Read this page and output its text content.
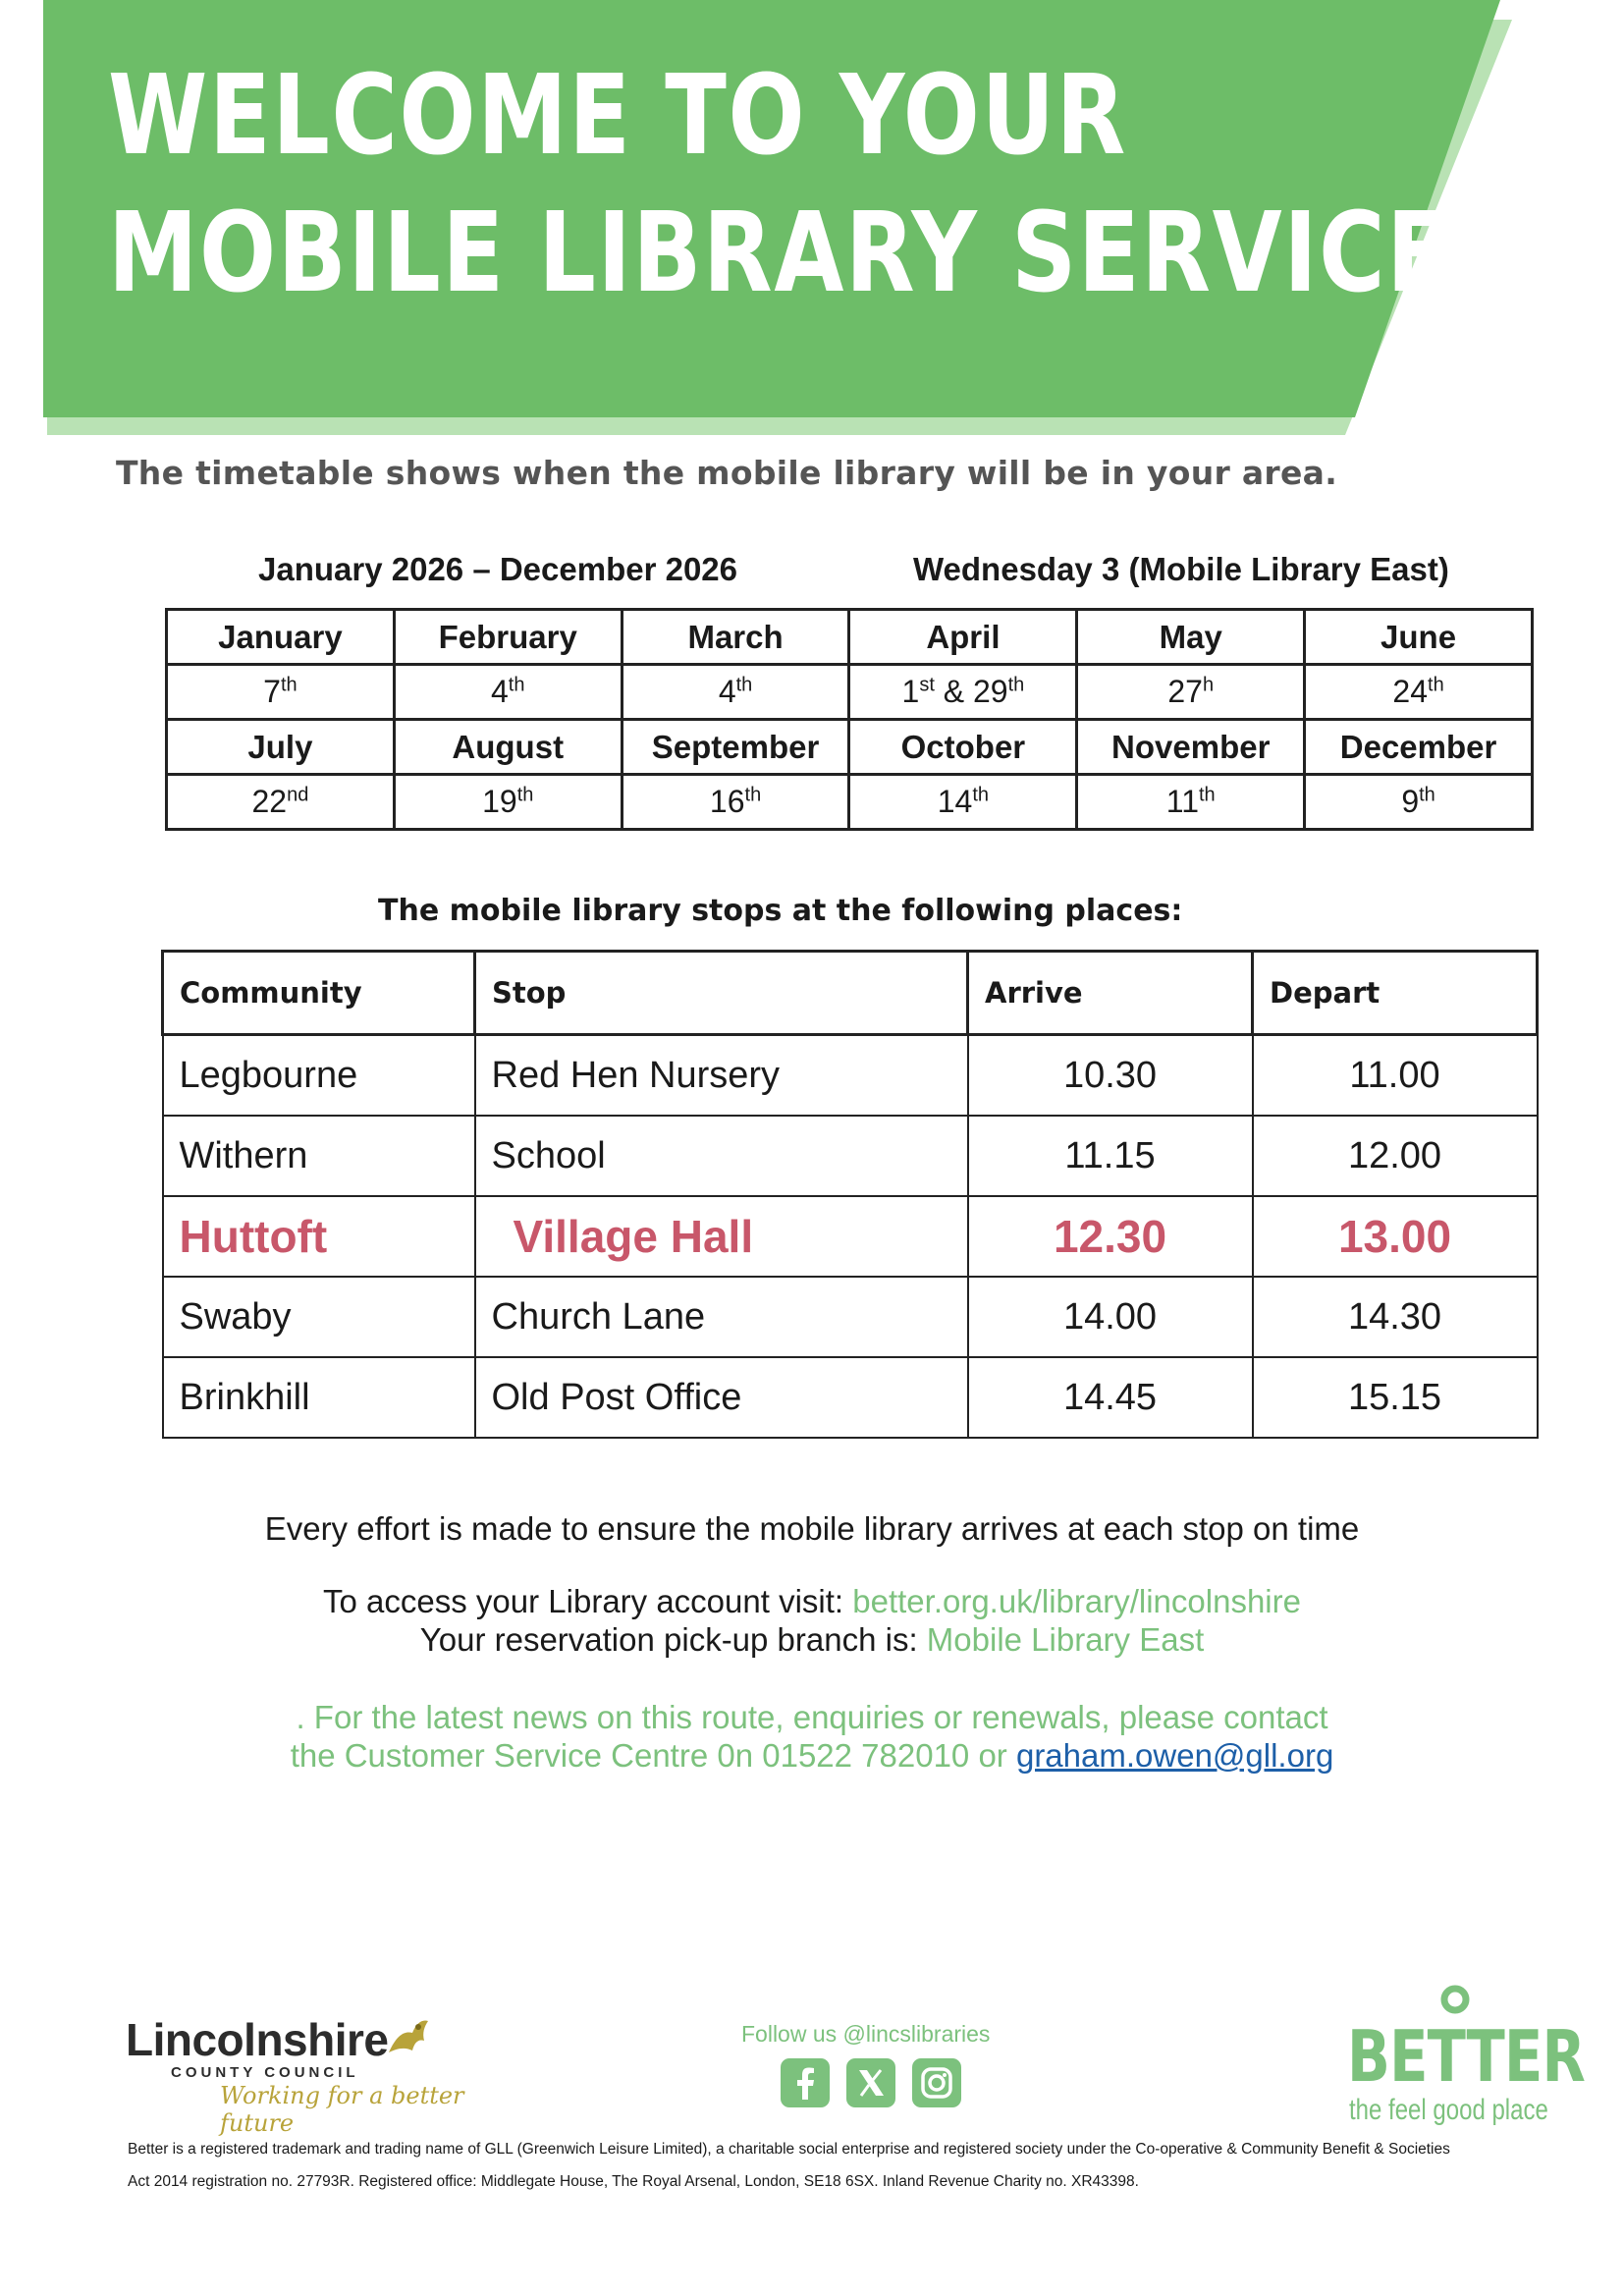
WELCOME TO YOUR
MOBILE LIBRARY SERVICE
The timetable shows when the mobile library will be in your area.
January 2026 – December 2026	Wednesday 3 (Mobile Library East)
January	February	March	April	May	June
7th	4th	4th	1st & 29th	27$^h$	24th
July	August	September	October	November	December
22nd	19th	16th	14th	11th	9th
The mobile library stops at the following places:
Community	Stop	Arrive	Depart
Legbourne	Red Hen Nursery	10.30	11.00
Withern	School	11.15	12.00
Huttoft	Village Hall	12.30	13.00
Swaby	Church Lane	14.00	14.30
Brinkhill	Old Post Office	14.45	15.15
Every effort is made to ensure the mobile library arrives at each stop on time
To access your Library account visit: better.org.uk/library/lincolnshire
Your reservation pick-up branch is: Mobile Library East
. For the latest news on this route, enquiries or renewals, please contact
the Customer Service Centre 0n 01522 782010 or graham.owen@gll.org
Lincolnshire
COUNTY COUNCIL
Working for a better future
Follow us @lincslibraries	BETTER
the feel good place
Better is a registered trademark and trading name of GLL (Greenwich Leisure Limited), a charitable social enterprise and registered society under the Co-operative & Community Benefit & Societies
Act 2014 registration no. 27793R. Registered office: Middlegate House, The Royal Arsenal, London, SE18 6SX. Inland Revenue Charity no. XR43398.
